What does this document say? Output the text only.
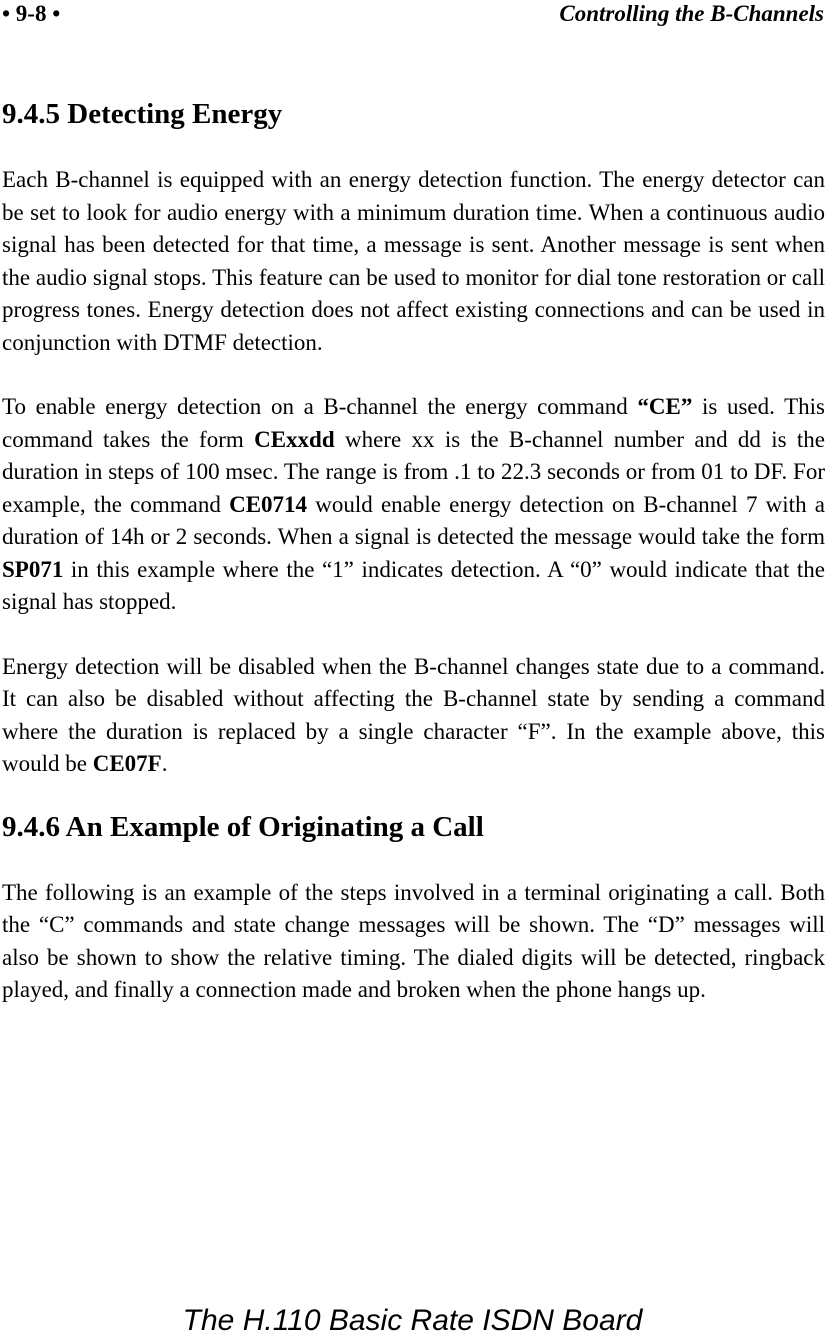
• 9-8 •	Controlling the B-Channels
9.4.5 Detecting Energy

Each B-channel is equipped with an energy detection function. The energy detector can be set to look for audio energy with a minimum duration time. When a continuous audio signal has been detected for that time, a message is sent. Another message is sent when the audio signal stops. This feature can be used to monitor for dial tone restoration or call progress tones. Energy detection does not affect existing connections and can be used in conjunction with DTMF detection.

To enable energy detection on a B-channel the energy command “CE” is used. This command takes the form CExxdd where xx is the B-channel number and dd is the duration in steps of 100 msec. The range is from .1 to 22.3 seconds or from 01 to DF. For example, the command CE0714 would enable energy detection on B-channel 7 with a duration of 14h or 2 seconds. When a signal is detected the message would take the form SP071 in this example where the “1” indicates detection. A “0” would indicate that the signal has stopped.

Energy detection will be disabled when the B-channel changes state due to a command. It can also be disabled without affecting the B-channel state by sending a command where the duration is replaced by a single character “F”. In the example above, this would be CE07F.

9.4.6 An Example of Originating a Call

The following is an example of the steps involved in a terminal originating a call. Both the “C” commands and state change messages will be shown. The “D” messages will also be shown to show the relative timing. The dialed digits will be detected, ringback played, and finally a connection made and broken when the phone hangs up.

The H.110 Basic Rate ISDN Board
